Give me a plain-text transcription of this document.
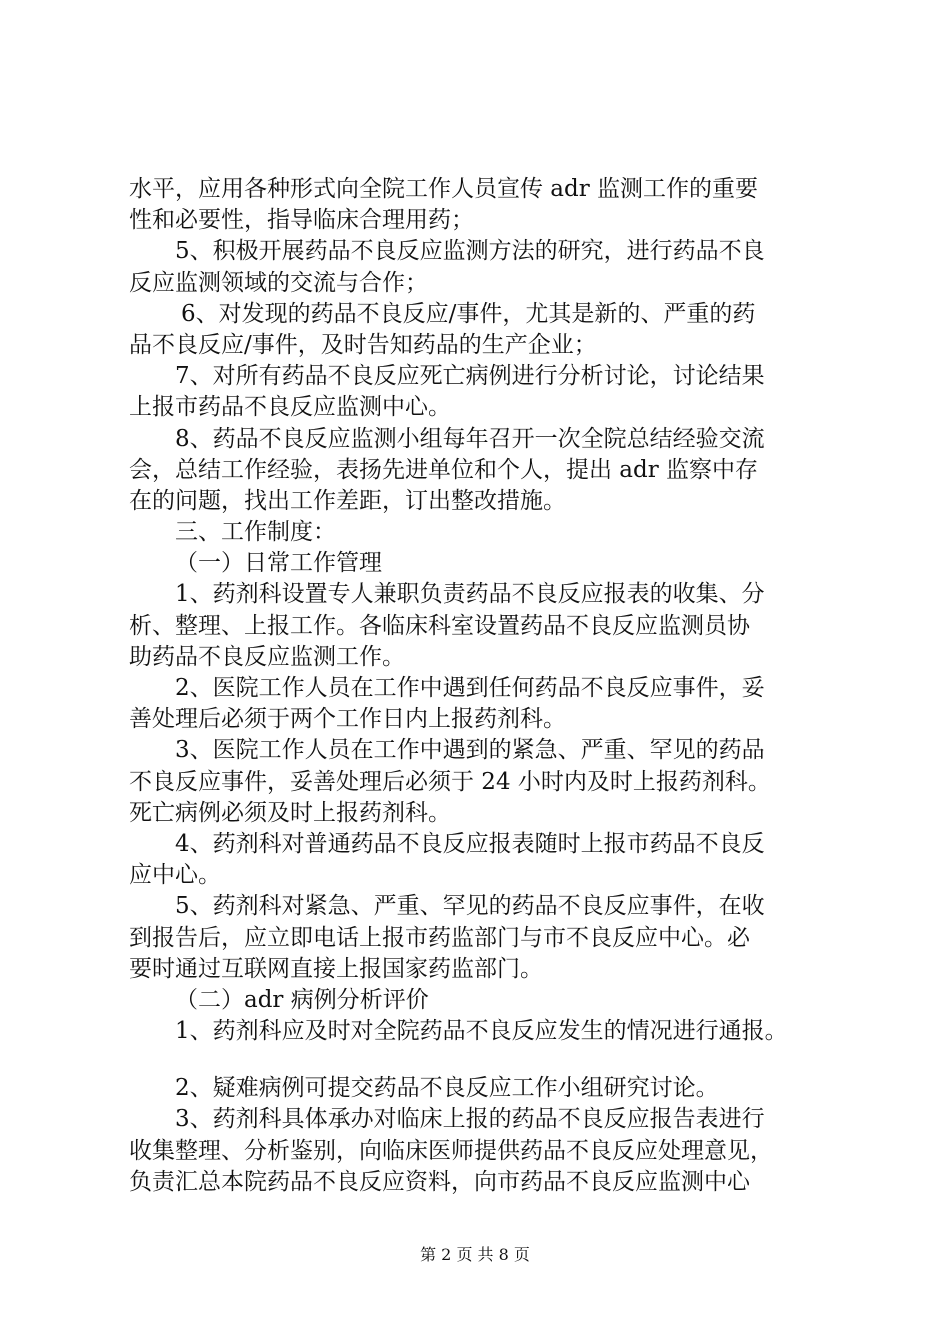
水平，应用各种形式向全院工作人员宣传 adr 监测工作的重要
性和必要性，指导临床合理用药；
5、积极开展药品不良反应监测方法的研究，进行药品不良
反应监测领域的交流与合作；
6、对发现的药品不良反应/事件，尤其是新的、严重的药
品不良反应/事件，及时告知药品的生产企业；
7、对所有药品不良反应死亡病例进行分析讨论，讨论结果
上报市药品不良反应监测中心。
8、药品不良反应监测小组每年召开一次全院总结经验交流
会，总结工作经验，表扬先进单位和个人，提出 adr 监察中存
在的问题，找出工作差距，订出整改措施。
三、工作制度：
（一）日常工作管理
1、药剂科设置专人兼职负责药品不良反应报表的收集、分
析、整理、上报工作。各临床科室设置药品不良反应监测员协
助药品不良反应监测工作。
2、医院工作人员在工作中遇到任何药品不良反应事件，妥
善处理后必须于两个工作日内上报药剂科。
3、医院工作人员在工作中遇到的紧急、严重、罕见的药品
不良反应事件，妥善处理后必须于 24 小时内及时上报药剂科。
死亡病例必须及时上报药剂科。
4、药剂科对普通药品不良反应报表随时上报市药品不良反
应中心。
5、药剂科对紧急、严重、罕见的药品不良反应事件，在收
到报告后，应立即电话上报市药监部门与市不良反应中心。必
要时通过互联网直接上报国家药监部门。
（二）adr 病例分析评价
1、药剂科应及时对全院药品不良反应发生的情况进行通报。
2、疑难病例可提交药品不良反应工作小组研究讨论。
3、药剂科具体承办对临床上报的药品不良反应报告表进行
收集整理、分析鉴别，向临床医师提供药品不良反应处理意见，
负责汇总本院药品不良反应资料，向市药品不良反应监测中心
第 2 页 共 8 页
